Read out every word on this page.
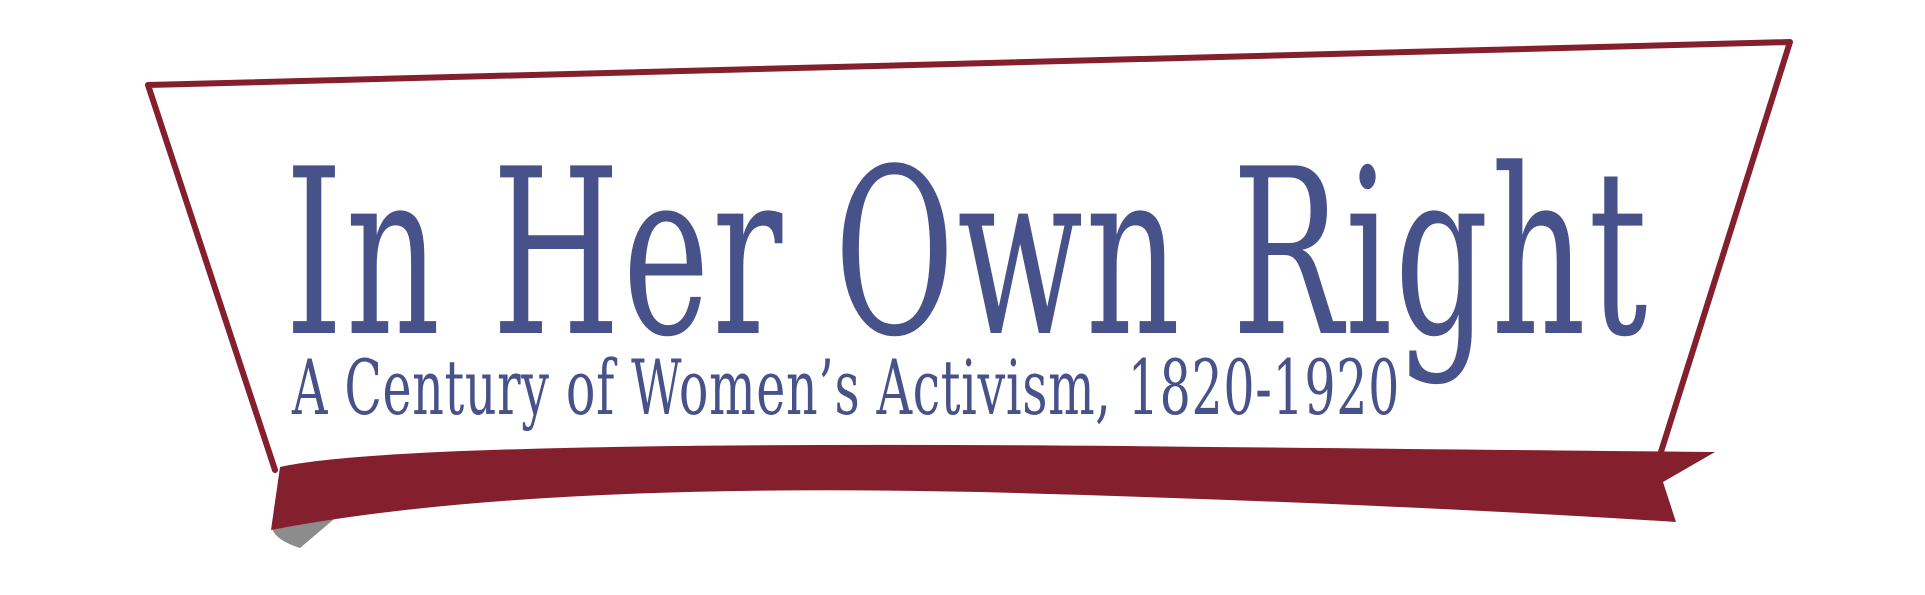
In Her Own Right
A Century of Women’s Activism, 1820-1920
